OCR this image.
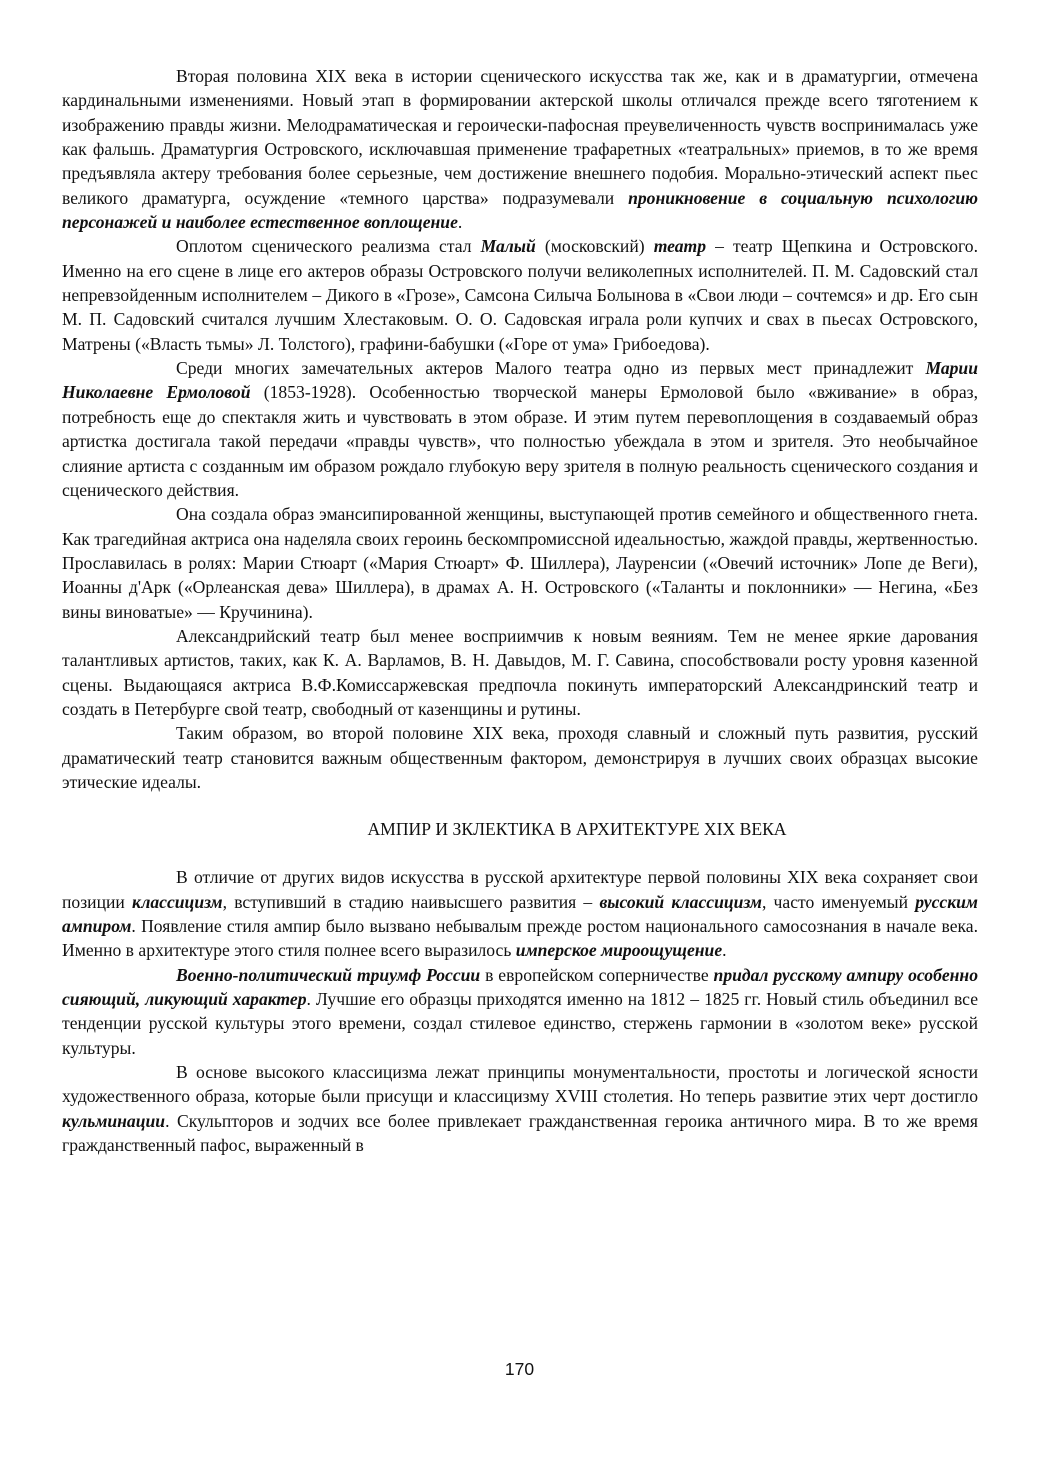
Вторая половина XIX века в истории сценического искусства так же, как и в драматургии, отмечена кардинальными изменениями. Новый этап в формировании актерской школы отличался прежде всего тяготением к изображению правды жизни. Мелодраматическая и героически-пафосная преувеличенность чувств воспринималась уже как фальшь. Драматургия Островского, исключавшая применение трафаретных «театральных» приемов, в то же время предъявляла актеру требования более серьезные, чем достижение внешнего подобия. Морально-этический аспект пьес великого драматурга, осуждение «темного царства» подразумевали проникновение в социальную психологию персонажей и наиболее естественное воплощение.

Оплотом сценического реализма стал Малый (московский) театр – театр Щепкина и Островского. Именно на его сцене в лице его актеров образы Островского получи великолепных исполнителей. П. М. Садовский стал непревзойденным исполнителем – Дикого в «Грозе», Самсона Силыча Болынова в «Свои люди – сочтемся» и др. Его сын М. П. Садовский считался лучшим Хлестаковым. О. О. Садовская играла роли купчих и свах в пьесах Островского, Матрены («Власть тьмы» Л. Толстого), графини-бабушки («Горе от ума» Грибоедова).

Среди многих замечательных актеров Малого театра одно из первых мест принадлежит Марии Николаевне Ермоловой (1853-1928). Особенностью творческой манеры Ермоловой было «вживание» в образ, потребность еще до спектакля жить и чувствовать в этом образе. И этим путем перевоплощения в создаваемый образ артистка достигала такой передачи «правды чувств», что полностью убеждала в этом и зрителя. Это необычайное слияние артиста с созданным им образом рождало глубокую веру зрителя в полную реальность сценического создания и сценического действия.

Она создала образ эмансипированной женщины, выступающей против семейного и общественного гнета. Как трагедийная актриса она наделяла своих героинь бескомпромиссной идеальностью, жаждой правды, жертвенностью. Прославилась в ролях: Марии Стюарт («Мария Стюарт» Ф. Шиллера), Лауренсии («Овечий источник» Лопе де Веги), Иоанны д'Арк («Орлеанская дева» Шиллера), в драмах А. Н. Островского («Таланты и поклонники» — Негина, «Без вины виноватые» — Кручинина).

Александрийский театр был менее восприимчив к новым веяниям. Тем не менее яркие дарования талантливых артистов, таких, как К. А. Варламов, В. Н. Давыдов, М. Г. Савина, способствовали росту уровня казенной сцены. Выдающаяся актриса В.Ф.Комиссаржевская предпочла покинуть императорский Александринский театр и создать в Петербурге свой театр, свободный от казенщины и рутины.

Таким образом, во второй половине XIX века, проходя славный и сложный путь развития, русский драматический театр становится важным общественным фактором, демонстрируя в лучших своих образцах высокие этические идеалы.

АМПИР И ЗКЛЕКТИКА В АРХИТЕКТУРЕ XIX ВЕКА

В отличие от других видов искусства в русской архитектуре первой половины XIX века сохраняет свои позиции классицизм, вступивший в стадию наивысшего развития – высокий классицизм, часто именуемый русским ампиром. Появление стиля ампир было вызвано небывалым прежде ростом национального самосознания в начале века. Именно в архитектуре этого стиля полнее всего выразилось имперское мироощущение.

Военно-политический триумф России в европейском соперничестве придал русскому ампиру особенно сияющий, ликующий характер. Лучшие его образцы приходятся именно на 1812 – 1825 гг. Новый стиль объединил все тенденции русской культуры этого времени, создал стилевое единство, стержень гармонии в «золотом веке» русской культуры.

В основе высокого классицизма лежат принципы монументальности, простоты и логической ясности художественного образа, которые были присущи и классицизму XVIII столетия. Но теперь развитие этих черт достигло кульминации. Скульпторов и зодчих все более привлекает гражданственная героика античного мира. В то же время гражданственный пафос, выраженный в

170
